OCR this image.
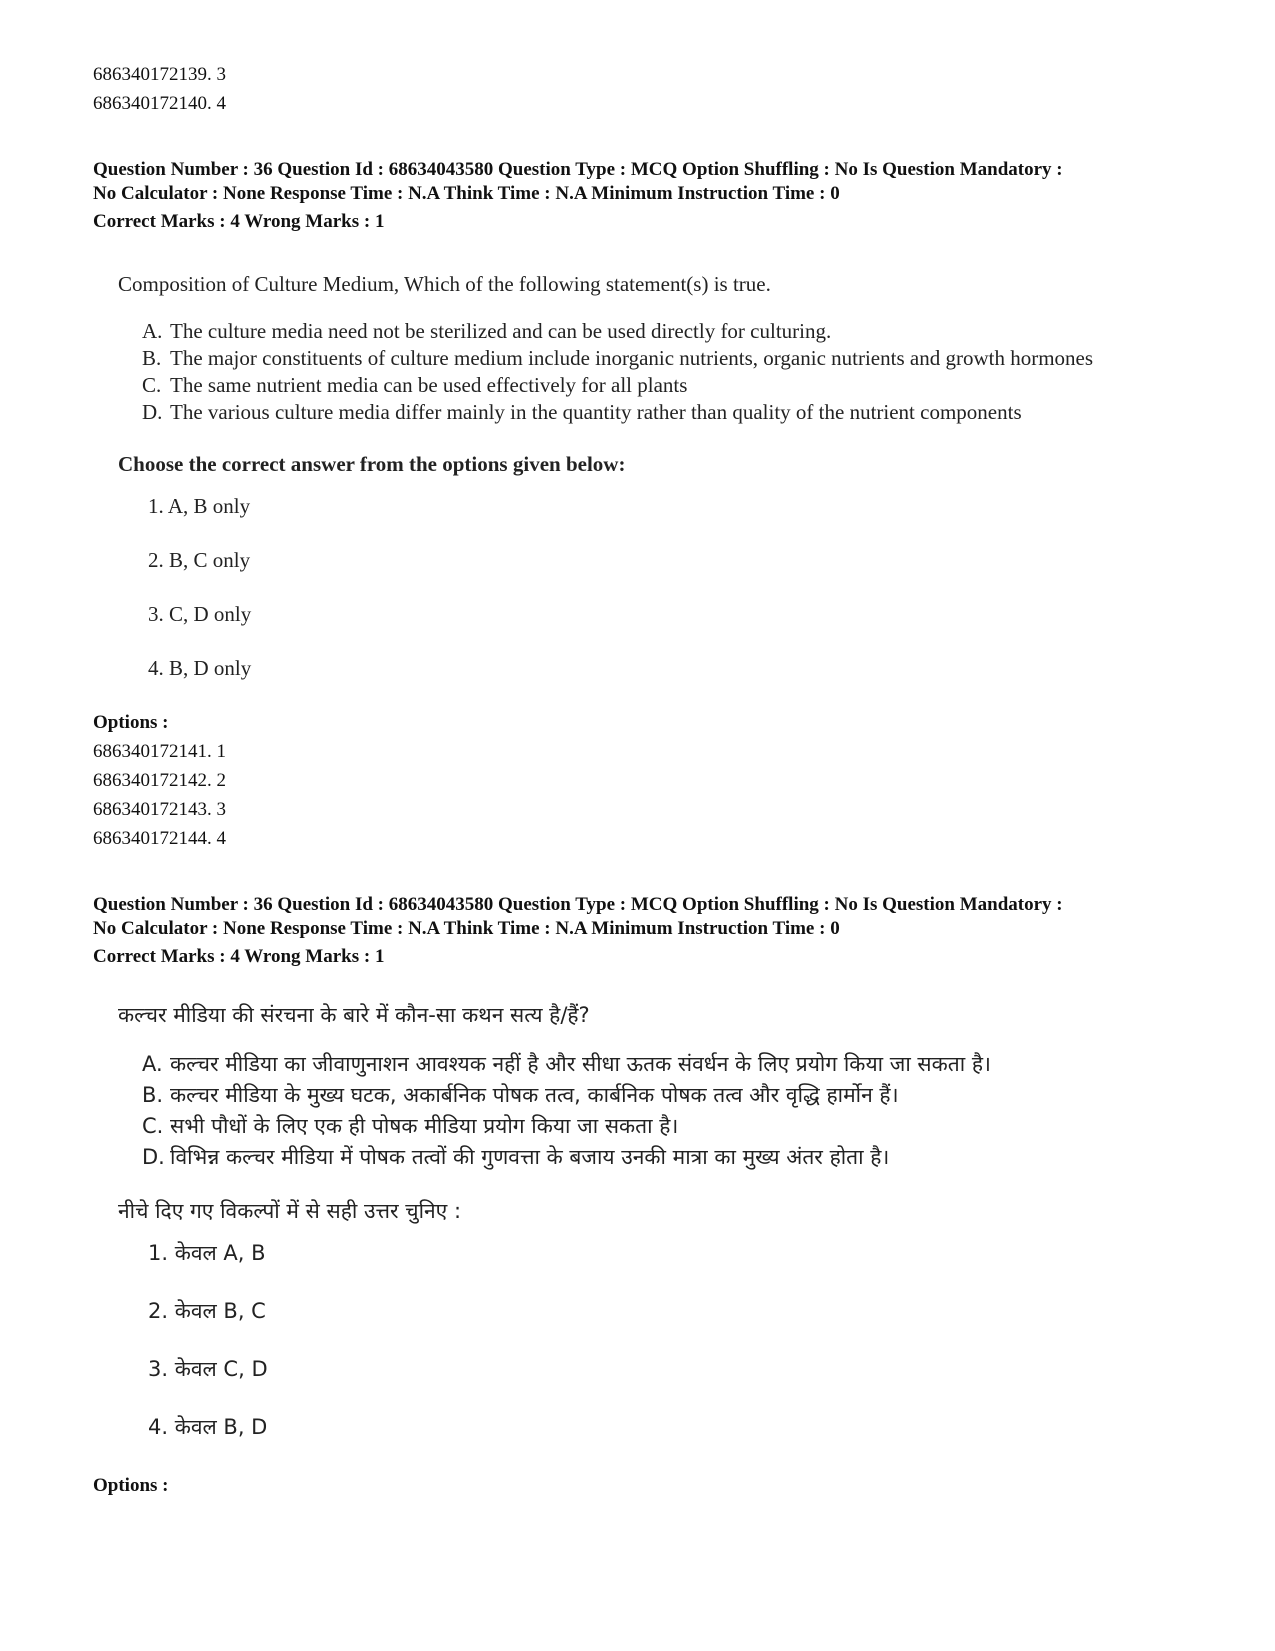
686340172139. 3

686340172140. 4

Question Number : 36 Question Id : 68634043580 Question Type : MCQ Option Shuffling : No Is Question Mandatory :

No Calculator : None Response Time : N.A Think Time : N.A Minimum Instruction Time : 0

Correct Marks : 4 Wrong Marks : 1

Composition of Culture Medium, Which of the following statement(s) is true.

A. The culture media need not be sterilized and can be used directly for culturing.
B. The major constituents of culture medium include inorganic nutrients, organic nutrients and growth hormones
C. The same nutrient media can be used effectively for all plants
D. The various culture media differ mainly in the quantity rather than quality of the nutrient components

Choose the correct answer from the options given below:

1. A, B only
2. B, C only
3. C, D only
4. B, D only

Options :

686340172141. 1

686340172142. 2

686340172143. 3

686340172144. 4

Question Number : 36 Question Id : 68634043580 Question Type : MCQ Option Shuffling : No Is Question Mandatory :

No Calculator : None Response Time : N.A Think Time : N.A Minimum Instruction Time : 0

Correct Marks : 4 Wrong Marks : 1

कल्चर मीडिया की संरचना के बारे में कौन-सा कथन सत्य है/हैं?

A. कल्चर मीडिया का जीवाणुनाशन आवश्यक नहीं है और सीधा ऊतक संवर्धन के लिए प्रयोग किया जा सकता है।
B. कल्चर मीडिया के मुख्य घटक, अकार्बनिक पोषक तत्व, कार्बनिक पोषक तत्व और वृद्धि हार्मोन हैं।
C. सभी पौधों के लिए एक ही पोषक मीडिया प्रयोग किया जा सकता है।
D. विभिन्न कल्चर मीडिया में पोषक तत्वों की गुणवत्ता के बजाय उनकी मात्रा का मुख्य अंतर होता है।

नीचे दिए गए विकल्पों में से सही उत्तर चुनिए :

1. केवल A, B
2. केवल B, C
3. केवल C, D
4. केवल B, D

Options :
